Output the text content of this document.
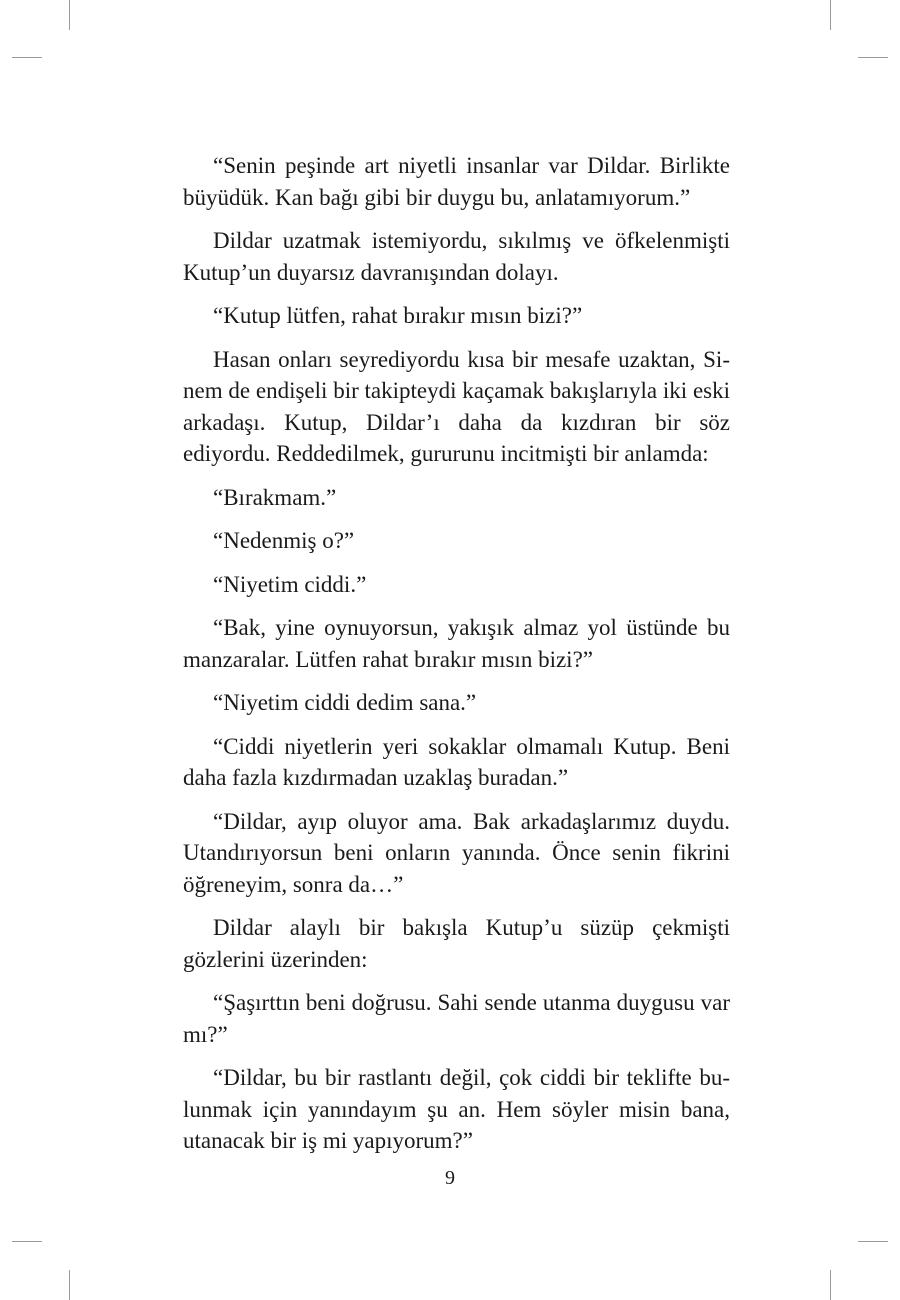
“Senin peşinde art niyetli insanlar var Dildar. Birlikte büyüdük. Kan bağı gibi bir duygu bu, anlatamıyorum.”

Dildar uzatmak istemiyordu, sıkılmış ve öfkelenmişti Kutup’un duyarsız davranışından dolayı.

“Kutup lütfen, rahat bırakır mısın bizi?”

Hasan onları seyrediyordu kısa bir mesafe uzaktan, Sinem de endişeli bir takipteydi kaçamak bakışlarıyla iki eski arkadaşı. Kutup, Dildar’ı daha da kızdıran bir söz ediyordu. Reddedilmek, gururunu incitmişti bir anlamda:

“Bırakmam.”

“Nedenmiş o?”

“Niyetim ciddi.”

“Bak, yine oynuyorsun, yakışık almaz yol üstünde bu manzaralar. Lütfen rahat bırakır mısın bizi?”

“Niyetim ciddi dedim sana.”

“Ciddi niyetlerin yeri sokaklar olmamalı Kutup. Beni daha fazla kızdırmadan uzaklaş buradan.”

“Dildar, ayıp oluyor ama. Bak arkadaşlarımız duydu. Utandırıyorsun beni onların yanında. Önce senin fikrini öğreneyim, sonra da…”

Dildar alaylı bir bakışla Kutup’u süzüp çekmişti gözlerini üzerinden:

“Şaşırttın beni doğrusu. Sahi sende utanma duygusu var mı?”

“Dildar, bu bir rastlantı değil, çok ciddi bir teklifte bulunmak için yanındayım şu an. Hem söyler misin bana, utanacak bir iş mi yapıyorum?”

9
